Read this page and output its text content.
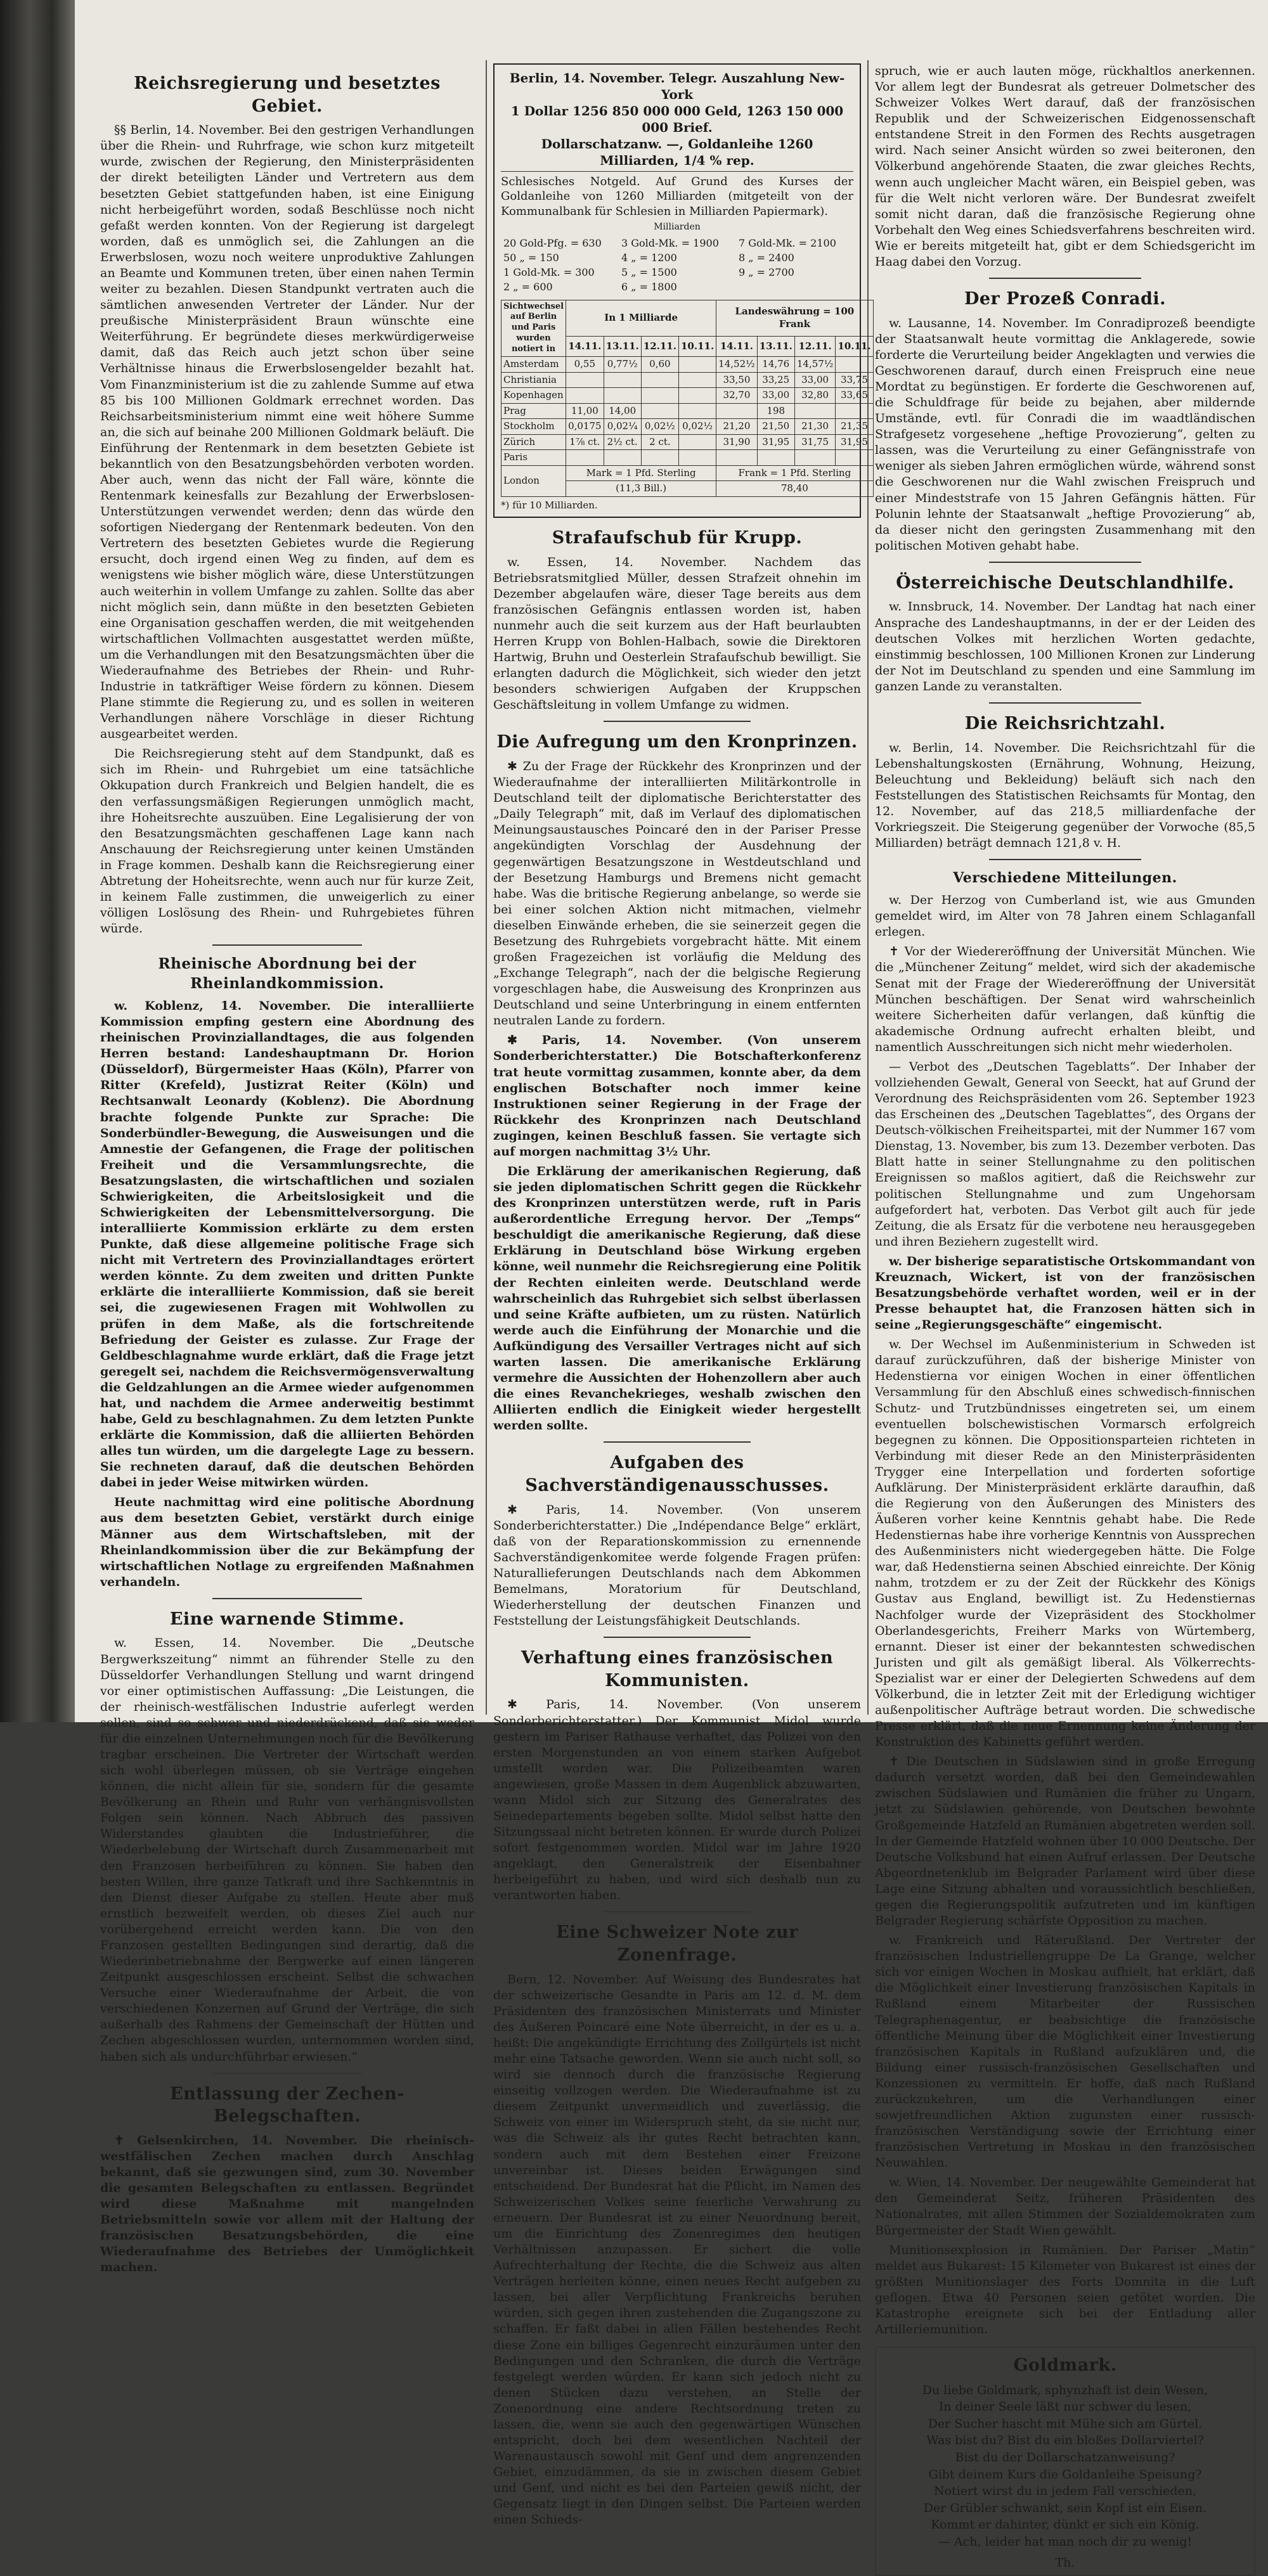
Reichsregierung und besetztes Gebiet.

§§ Berlin, 14. November. Bei den gestrigen Verhandlungen über die Rhein- und Ruhrfrage, wie schon kurz mitgeteilt wurde, zwischen der Regierung, den Ministerpräsidenten der direkt beteiligten Länder und Vertretern aus dem besetzten Gebiet stattgefunden haben, ist eine Einigung nicht herbeigeführt worden, sodaß Beschlüsse noch nicht gefaßt werden konnten. Von der Regierung ist dargelegt worden, daß es unmöglich sei, die Zahlungen an die Erwerbslosen, wozu noch weitere unproduktive Zahlungen an Beamte und Kommunen treten, über einen nahen Termin weiter zu bezahlen. Diesen Standpunkt vertraten auch die sämtlichen anwesenden Vertreter der Länder. Nur der preußische Ministerpräsident Braun wünschte eine Weiterführung. Er begründete dieses merkwürdigerweise damit, daß das Reich auch jetzt schon über seine Verhältnisse hinaus die Erwerbslosengelder bezahlt hat. Vom Finanzministerium ist die zu zahlende Summe auf etwa 85 bis 100 Millionen Goldmark errechnet worden. Das Reichsarbeitsministerium nimmt eine weit höhere Summe an, die sich auf beinahe 200 Millionen Goldmark beläuft. Die Einführung der Rentenmark in dem besetzten Gebiete ist bekanntlich von den Besatzungsbehörden verboten worden. Aber auch, wenn das nicht der Fall wäre, könnte die Rentenmark keinesfalls zur Bezahlung der Erwerbslosen-Unterstützungen verwendet werden; denn das würde den sofortigen Niedergang der Rentenmark bedeuten. Von den Vertretern des besetzten Gebietes wurde die Regierung ersucht, doch irgend einen Weg zu finden, auf dem es wenigstens wie bisher möglich wäre, diese Unterstützungen auch weiterhin in vollem Umfange zu zahlen. Sollte das aber nicht möglich sein, dann müßte in den besetzten Gebieten eine Organisation geschaffen werden, die mit weitgehenden wirtschaftlichen Vollmachten ausgestattet werden müßte, um die Verhandlungen mit den Besatzungsmächten über die Wiederaufnahme des Betriebes der Rhein- und Ruhr-Industrie in tatkräftiger Weise fördern zu können. Diesem Plane stimmte die Regierung zu, und es sollen in weiteren Verhandlungen nähere Vorschläge in dieser Richtung ausgearbeitet werden.

Die Reichsregierung steht auf dem Standpunkt, daß es sich im Rhein- und Ruhrgebiet um eine tatsächliche Okkupation durch Frankreich und Belgien handelt, die es den verfassungsmäßigen Regierungen unmöglich macht, ihre Hoheitsrechte auszuüben. Eine Legalisierung der von den Besatzungsmächten geschaffenen Lage kann nach Anschauung der Reichsregierung unter keinen Umständen in Frage kommen. Deshalb kann die Reichsregierung einer Abtretung der Hoheitsrechte, wenn auch nur für kurze Zeit, in keinem Falle zustimmen, die unweigerlich zu einer völligen Loslösung des Rhein- und Ruhrgebietes führen würde.

Rheinische Abordnung bei der Rheinlandkommission.

w. Koblenz, 14. November. Die interalliierte Kommission empfing gestern eine Abordnung des rheinischen Provinziallandtages, die aus folgenden Herren bestand: Landeshauptmann Dr. Horion (Düsseldorf), Bürgermeister Haas (Köln), Pfarrer von Ritter (Krefeld), Justizrat Reiter (Köln) und Rechtsanwalt Leonardy (Koblenz). Die Abordnung brachte folgende Punkte zur Sprache: Die Sonderbündler-Bewegung, die Ausweisungen und die Amnestie der Gefangenen, die Frage der politischen Freiheit und die Versammlungsrechte, die Besatzungslasten, die wirtschaftlichen und sozialen Schwierigkeiten, die Arbeitslosigkeit und die Schwierigkeiten der Lebensmittelversorgung. Die interalliierte Kommission erklärte zu dem ersten Punkte, daß diese allgemeine politische Frage sich nicht mit Vertretern des Provinziallandtages erörtert werden könnte. Zu dem zweiten und dritten Punkte erklärte die interalliierte Kommission, daß sie bereit sei, die zugewiesenen Fragen mit Wohlwollen zu prüfen in dem Maße, als die fortschreitende Befriedung der Geister es zulasse. Zur Frage der Geldbeschlagnahme wurde erklärt, daß die Frage jetzt geregelt sei, nachdem die Reichsvermögensverwaltung die Geldzahlungen an die Armee wieder aufgenommen hat, und nachdem die Armee anderweitig bestimmt habe, Geld zu beschlagnahmen. Zu dem letzten Punkte erklärte die Kommission, daß die alliierten Behörden alles tun würden, um die dargelegte Lage zu bessern. Sie rechneten darauf, daß die deutschen Behörden dabei in jeder Weise mitwirken würden.

Heute nachmittag wird eine politische Abordnung aus dem besetzten Gebiet, verstärkt durch einige Männer aus dem Wirtschaftsleben, mit der Rheinlandkommission über die zur Bekämpfung der wirtschaftlichen Notlage zu ergreifenden Maßnahmen verhandeln.

Eine warnende Stimme.

w. Essen, 14. November. Die „Deutsche Bergwerkszeitung“ nimmt an führender Stelle zu den Düsseldorfer Verhandlungen Stellung und warnt dringend vor einer optimistischen Auffassung: „Die Leistungen, die der rheinisch-westfälischen Industrie auferlegt werden sollen, sind so schwer und niederdrückend, daß sie weder für die einzelnen Unternehmungen noch für die Bevölkerung tragbar erscheinen. Die Vertreter der Wirtschaft werden sich wohl überlegen müssen, ob sie Verträge eingehen können, die nicht allein für sie, sondern für die gesamte Bevölkerung an Rhein und Ruhr von verhängnisvollsten Folgen sein können. Nach Abbruch des passiven Widerstandes glaubten die Industrieführer, die Wiederbelebung der Wirtschaft durch Zusammenarbeit mit den Franzosen herbeiführen zu können. Sie haben den besten Willen, ihre ganze Tatkraft und ihre Sachkenntnis in den Dienst dieser Aufgabe zu stellen. Heute aber muß ernstlich bezweifelt werden, ob dieses Ziel auch nur vorübergehend erreicht werden kann. Die von den Franzosen gestellten Bedingungen sind derartig, daß die Wiederinbetriebnahme der Bergwerke auf einen längeren Zeitpunkt ausgeschlossen erscheint. Selbst die schwachen Versuche einer Wiederaufnahme der Arbeit, die von verschiedenen Konzernen auf Grund der Verträge, die sich außerhalb des Rahmens der Gemeinschaft der Hütten und Zechen abgeschlossen wurden, unternommen worden sind, haben sich als undurchführbar erwiesen.“

Entlassung der Zechen-Belegschaften.

✝ Gelsenkirchen, 14. November. Die rheinisch-westfälischen Zechen machen durch Anschlag bekannt, daß sie gezwungen sind, zum 30. November die gesamten Belegschaften zu entlassen. Begründet wird diese Maßnahme mit mangelnden Betriebsmitteln sowie vor allem mit der Haltung der französischen Besatzungsbehörden, die eine Wiederaufnahme des Betriebes der Unmöglichkeit machen.

Berlin, 14. November. Telegr. Auszahlung New-York
1 Dollar 1256 850 000 000 Geld, 1263 150 000 000 Brief.
Dollarschatzanw. —, Goldanleihe 1260 Milliarden, 1/4 % rep.
Schlesisches Notgeld. Auf Grund des Kurses der Goldanleihe von 1260 Milliarden (mitgeteilt von der Kommunalbank für Schlesien in Milliarden Papiermark).
Milliarden
20 Gold-Pfg. = 630	3 Gold-Mk. = 1900	7 Gold-Mk. = 2100
50 „ = 150	4 „ = 1200	8 „ = 2400
1 Gold-Mk. = 300	5 „ = 1500	9 „ = 2700
2 „ = 600	6 „ = 1800	
Sichtwechsel auf Berlin und Paris wurden notiert in	In 1 Milliarde				Landeswährung = 100 Frank			
	14.11.	13.11.	12.11.	10.11.	14.11.	13.11.	12.11.	10.11.
Amsterdam	0,55	0,77½	0,60		14,52½	14,76	14,57½	
Christiania					33,50	33,25	33,00	33,75
Kopenhagen					32,70	33,00	32,80	33,65
Prag	11,00	14,00				198		
Stockholm	0,0175	0,02¼	0,02½	0,02½	21,20	21,50	21,30	21,35
Zürich	1⅞ ct.	2½ ct.	2 ct.		31,90	31,95	31,75	31,95
Paris								
London	Mark = 1 Pfd. Sterling				Frank = 1 Pfd. Sterling			
	(11,3 Bill.)				78,40			
*) für 10 Milliarden.
Strafaufschub für Krupp.

w. Essen, 14. November. Nachdem das Betriebsratsmitglied Müller, dessen Strafzeit ohnehin im Dezember abgelaufen wäre, dieser Tage bereits aus dem französischen Gefängnis entlassen worden ist, haben nunmehr auch die seit kurzem aus der Haft beurlaubten Herren Krupp von Bohlen-Halbach, sowie die Direktoren Hartwig, Bruhn und Oesterlein Strafaufschub bewilligt. Sie erlangten dadurch die Möglichkeit, sich wieder den jetzt besonders schwierigen Aufgaben der Kruppschen Geschäftsleitung in vollem Umfange zu widmen.

Die Aufregung um den Kronprinzen.

✱ Zu der Frage der Rückkehr des Kronprinzen und der Wiederaufnahme der interalliierten Militärkontrolle in Deutschland teilt der diplomatische Berichterstatter des „Daily Telegraph“ mit, daß im Verlauf des diplomatischen Meinungsaustausches Poincaré den in der Pariser Presse angekündigten Vorschlag der Ausdehnung der gegenwärtigen Besatzungszone in Westdeutschland und der Besetzung Hamburgs und Bremens nicht gemacht habe. Was die britische Regierung anbelange, so werde sie bei einer solchen Aktion nicht mitmachen, vielmehr dieselben Einwände erheben, die sie seinerzeit gegen die Besetzung des Ruhrgebiets vorgebracht hätte. Mit einem großen Fragezeichen ist vorläufig die Meldung des „Exchange Telegraph“, nach der die belgische Regierung vorgeschlagen habe, die Ausweisung des Kronprinzen aus Deutschland und seine Unterbringung in einem entfernten neutralen Lande zu fordern.

✱ Paris, 14. November. (Von unserem Sonderberichterstatter.) Die Botschafterkonferenz trat heute vormittag zusammen, konnte aber, da dem englischen Botschafter noch immer keine Instruktionen seiner Regierung in der Frage der Rückkehr des Kronprinzen nach Deutschland zugingen, keinen Beschluß fassen. Sie vertagte sich auf morgen nachmittag 3½ Uhr.

Die Erklärung der amerikanischen Regierung, daß sie jeden diplomatischen Schritt gegen die Rückkehr des Kronprinzen unterstützen werde, ruft in Paris außerordentliche Erregung hervor. Der „Temps“ beschuldigt die amerikanische Regierung, daß diese Erklärung in Deutschland böse Wirkung ergeben könne, weil nunmehr die Reichsregierung eine Politik der Rechten einleiten werde. Deutschland werde wahrscheinlich das Ruhrgebiet sich selbst überlassen und seine Kräfte aufbieten, um zu rüsten. Natürlich werde auch die Einführung der Monarchie und die Aufkündigung des Versailler Vertrages nicht auf sich warten lassen. Die amerikanische Erklärung vermehre die Aussichten der Hohenzollern aber auch die eines Revanchekrieges, weshalb zwischen den Alliierten endlich die Einigkeit wieder hergestellt werden sollte.

Aufgaben des Sachverständigenausschusses.

✱ Paris, 14. November. (Von unserem Sonderberichterstatter.) Die „Indépendance Belge“ erklärt, daß von der Reparationskommission zu ernennende Sachverständigenkomitee werde folgende Fragen prüfen: Naturallieferungen Deutschlands nach dem Abkommen Bemelmans, Moratorium für Deutschland, Wiederherstellung der deutschen Finanzen und Feststellung der Leistungsfähigkeit Deutschlands.

Verhaftung eines französischen Kommunisten.

✱ Paris, 14. November. (Von unserem Sonderberichterstatter.) Der Kommunist Midol wurde gestern im Pariser Rathause verhaftet, das Polizei von den ersten Morgenstunden an von einem starken Aufgebot umstellt worden war. Die Polizeibeamten waren angewiesen, große Massen in dem Augenblick abzuwarten, wann Midol sich zur Sitzung des Generalrates des Seinedepartements begeben sollte. Midol selbst hatte den Sitzungssaal nicht betreten können. Er wurde durch Polizei sofort festgenommen worden. Midol war im Jahre 1920 angeklagt, den Generalstreik der Eisenbahner herbeigeführt zu haben, und wird sich deshalb nun zu verantworten haben.

Eine Schweizer Note zur Zonenfrage.

Bern, 12. November. Auf Weisung des Bundesrates hat der schweizerische Gesandte in Paris am 12. d. M. dem Präsidenten des französischen Ministerrats und Minister des Äußeren Poincaré eine Note überreicht, in der es u. a. heißt: Die angekündigte Errichtung des Zollgürtels ist nicht mehr eine Tatsache geworden. Wenn sie auch nicht soll, so wird sie dennoch durch die französische Regierung einseitig vollzogen werden. Die Wiederaufnahme ist zu diesem Zeitpunkt unvermeidlich und zuverlässig, die Schweiz von einer im Widerspruch steht, da sie nicht nur, was die Schweiz als ihr gutes Recht betrachten kann, sondern auch mit dem Bestehen einer Freizone unvereinbar ist. Dieses beiden Erwägungen sind entscheidend. Der Bundesrat hat die Pflicht, im Namen des Schweizerischen Volkes seine feierliche Verwahrung zu erneuern. Der Bundesrat ist zu einer Neuordnung bereit, um die Einrichtung des Zonenregimes den heutigen Verhältnissen anzupassen. Er sichert die volle Aufrechterhaltung der Rechte, die die Schweiz aus alten Verträgen herleiten könne, einen neues Recht aufgeben zu lassen, bei aller Verpflichtung Frankreichs beruhen würden, sich gegen ihren zustehenden die Zugangszone zu schaffen. Er faßt dabei in allen Fällen bestehendes Recht diese Zone ein billiges Gegenrecht einzuräumen unter den Bedingungen und den Schranken, die durch die Verträge festgelegt werden würden. Er kann sich jedoch nicht zu denen Stücken dazu verstehen, an Stelle der Zonenordnung eine andere Rechtsordnung treten zu lassen, die, wenn sie auch den gegenwärtigen Wünschen entspricht, doch bei dem wesentlichen Nachteil der Warenaustausch sowohl mit Genf und dem angrenzenden Gebiet, einzudämmen, da sie in zwischen diesem Gebiet und Genf, und nicht es bei den Parteien gewiß nicht, der Gegensatz liegt in den Dingen selbst. Die Parteien werden einen Schieds-

spruch, wie er auch lauten möge, rückhaltlos anerkennen. Vor allem legt der Bundesrat als getreuer Dolmetscher des Schweizer Volkes Wert darauf, daß der französischen Republik und der Schweizerischen Eidgenossenschaft entstandene Streit in den Formen des Rechts ausgetragen wird. Nach seiner Ansicht würden so zwei beiteronen, den Völkerbund angehörende Staaten, die zwar gleiches Rechts, wenn auch ungleicher Macht wären, ein Beispiel geben, was für die Welt nicht verloren wäre. Der Bundesrat zweifelt somit nicht daran, daß die französische Regierung ohne Vorbehalt den Weg eines Schiedsverfahrens beschreiten wird. Wie er bereits mitgeteilt hat, gibt er dem Schiedsgericht im Haag dabei den Vorzug.

Der Prozeß Conradi.

w. Lausanne, 14. November. Im Conradiprozeß beendigte der Staatsanwalt heute vormittag die Anklagerede, sowie forderte die Verurteilung beider Angeklagten und verwies die Geschworenen darauf, durch einen Freispruch eine neue Mordtat zu begünstigen. Er forderte die Geschworenen auf, die Schuldfrage für beide zu bejahen, aber mildernde Umstände, evtl. für Conradi die im waadtländischen Strafgesetz vorgesehene „heftige Provozierung“, gelten zu lassen, was die Verurteilung zu einer Gefängnisstrafe von weniger als sieben Jahren ermöglichen würde, während sonst die Geschworenen nur die Wahl zwischen Freispruch und einer Mindeststrafe von 15 Jahren Gefängnis hätten. Für Polunin lehnte der Staatsanwalt „heftige Provozierung“ ab, da dieser nicht den geringsten Zusammenhang mit den politischen Motiven gehabt habe.

Österreichische Deutschlandhilfe.

w. Innsbruck, 14. November. Der Landtag hat nach einer Ansprache des Landeshauptmanns, in der er der Leiden des deutschen Volkes mit herzlichen Worten gedachte, einstimmig beschlossen, 100 Millionen Kronen zur Linderung der Not im Deutschland zu spenden und eine Sammlung im ganzen Lande zu veranstalten.

Die Reichsrichtzahl.

w. Berlin, 14. November. Die Reichsrichtzahl für die Lebenshaltungskosten (Ernährung, Wohnung, Heizung, Beleuchtung und Bekleidung) beläuft sich nach den Feststellungen des Statistischen Reichsamts für Montag, den 12. November, auf das 218,5 milliardenfache der Vorkriegszeit. Die Steigerung gegenüber der Vorwoche (85,5 Milliarden) beträgt demnach 121,8 v. H.

Verschiedene Mitteilungen.

w. Der Herzog von Cumberland ist, wie aus Gmunden gemeldet wird, im Alter von 78 Jahren einem Schlaganfall erlegen.

✝ Vor der Wiedereröffnung der Universität München. Wie die „Münchener Zeitung“ meldet, wird sich der akademische Senat mit der Frage der Wiedereröffnung der Universität München beschäftigen. Der Senat wird wahrscheinlich weitere Sicherheiten dafür verlangen, daß künftig die akademische Ordnung aufrecht erhalten bleibt, und namentlich Ausschreitungen sich nicht mehr wiederholen.

— Verbot des „Deutschen Tageblatts“. Der Inhaber der vollziehenden Gewalt, General von Seeckt, hat auf Grund der Verordnung des Reichspräsidenten vom 26. September 1923 das Erscheinen des „Deutschen Tageblattes“, des Organs der Deutsch-völkischen Freiheitspartei, mit der Nummer 167 vom Dienstag, 13. November, bis zum 13. Dezember verboten. Das Blatt hatte in seiner Stellungnahme zu den politischen Ereignissen so maßlos agitiert, daß die Reichswehr zur politischen Stellungnahme und zum Ungehorsam aufgefordert hat, verboten. Das Verbot gilt auch für jede Zeitung, die als Ersatz für die verbotene neu herausgegeben und ihren Beziehern zugestellt wird.

w. Der bisherige separatistische Ortskommandant von Kreuznach, Wickert, ist von der französischen Besatzungsbehörde verhaftet worden, weil er in der Presse behauptet hat, die Franzosen hätten sich in seine „Regierungsgeschäfte“ eingemischt.

w. Der Wechsel im Außenministerium in Schweden ist darauf zurückzuführen, daß der bisherige Minister von Hedenstierna vor einigen Wochen in einer öffentlichen Versammlung für den Abschluß eines schwedisch-finnischen Schutz- und Trutzbündnisses eingetreten sei, um einem eventuellen bolschewistischen Vormarsch erfolgreich begegnen zu können. Die Oppositionsparteien richteten in Verbindung mit dieser Rede an den Ministerpräsidenten Trygger eine Interpellation und forderten sofortige Aufklärung. Der Ministerpräsident erklärte daraufhin, daß die Regierung von den Äußerungen des Ministers des Äußeren vorher keine Kenntnis gehabt habe. Die Rede Hedenstiernas habe ihre vorherige Kenntnis von Aussprechen des Außenministers nicht wiedergegeben hätte. Die Folge war, daß Hedenstierna seinen Abschied einreichte. Der König nahm, trotzdem er zu der Zeit der Rückkehr des Königs Gustav aus England, bewilligt ist. Zu Hedenstiernas Nachfolger wurde der Vizepräsident des Stockholmer Oberlandesgerichts, Freiherr Marks von Würtemberg, ernannt. Dieser ist einer der bekanntesten schwedischen Juristen und gilt als gemäßigt liberal. Als Völkerrechts-Spezialist war er einer der Delegierten Schwedens auf dem Völkerbund, die in letzter Zeit mit der Erledigung wichtiger außenpolitischer Aufträge betraut worden. Die schwedische Presse erklärt, daß die neue Ernennung keine Änderung der Konstruktion des Kabinetts geführt werden.

✝ Die Deutschen in Südslawien sind in große Erregung dadurch versetzt worden, daß bei den Gemeindewahlen zwischen Südslawien und Rumänien die früher zu Ungarn, jetzt zu Südslawien gehörende, von Deutschen bewohnte Großgemeinde Hatzfeld an Rumänien abgetreten werden soll. In der Gemeinde Hatzfeld wohnen über 10 000 Deutsche. Der Deutsche Volksbund hat einen Aufruf erlassen. Der Deutsche Abgeordnetenklub im Belgrader Parlament wird über diese Lage eine Sitzung abhalten und voraussichtlich beschließen, gegen die Regierungspolitik aufzutreten und im künftigen Belgrader Regierung schärfste Opposition zu machen.

w. Frankreich und Räterußland. Der Vertreter der französischen Industriellengruppe De La Grange, welcher sich vor einigen Wochen in Moskau aufhielt, hat erklärt, daß die Möglichkeit einer Investierung französischen Kapitals in Rußland einem Mitarbeiter der Russischen Telegraphenagentur, er beabsichtige die französische öffentliche Meinung über die Möglichkeit einer Investierung französischen Kapitals in Rußland aufzuklären und, die Bildung einer russisch-französischen Gesellschaften und Konzessionen zu vermitteln. Er hoffe, daß nach Rußland zurückzukehren, um die Verhandlungen einer sowjetfreundlichen Aktion zugunsten einer russisch-französischen Verständigung sowie der Errichtung einer französischen Vertretung in Moskau in den französischen Neuwahlen.

w. Wien, 14. November. Der neugewählte Gemeinderat hat den Gemeinderat Seitz, früheren Präsidenten des Nationalrates, mit allen Stimmen der Sozialdemokraten zum Bürgermeister der Stadt Wien gewählt.

Munitionsexplosion in Rumänien. Der Pariser „Matin“ meldet aus Bukarest: 15 Kilometer von Bukarest ist eines der größten Munitionslager des Forts Domnita in die Luft geflogen. Etwa 40 Personen seien getötet worden. Die Katastrophe ereignete sich bei der Entladung aller Artilleriemunition.

Goldmark.
Du liebe Goldmark, sphynzhaft ist dein Wesen,
In deiner Seele läßt nur schwer du lesen,
Der Sucher hascht mit Mühe sich am Gürtel.
Was bist du? Bist du ein bloßes Dollarviertel?
Bist du der Dollarschatzanweisung?
Gibt deinem Kurs die Goldanleihe Speisung?
Notiert wirst du in jedem Fall verschieden,
Der Grübler schwankt, sein Kopf ist ein Eisen.
Kommt er dahinter, dünkt er sich ein König.
— Ach, leider hat man noch dir zu wenig!
Th.
